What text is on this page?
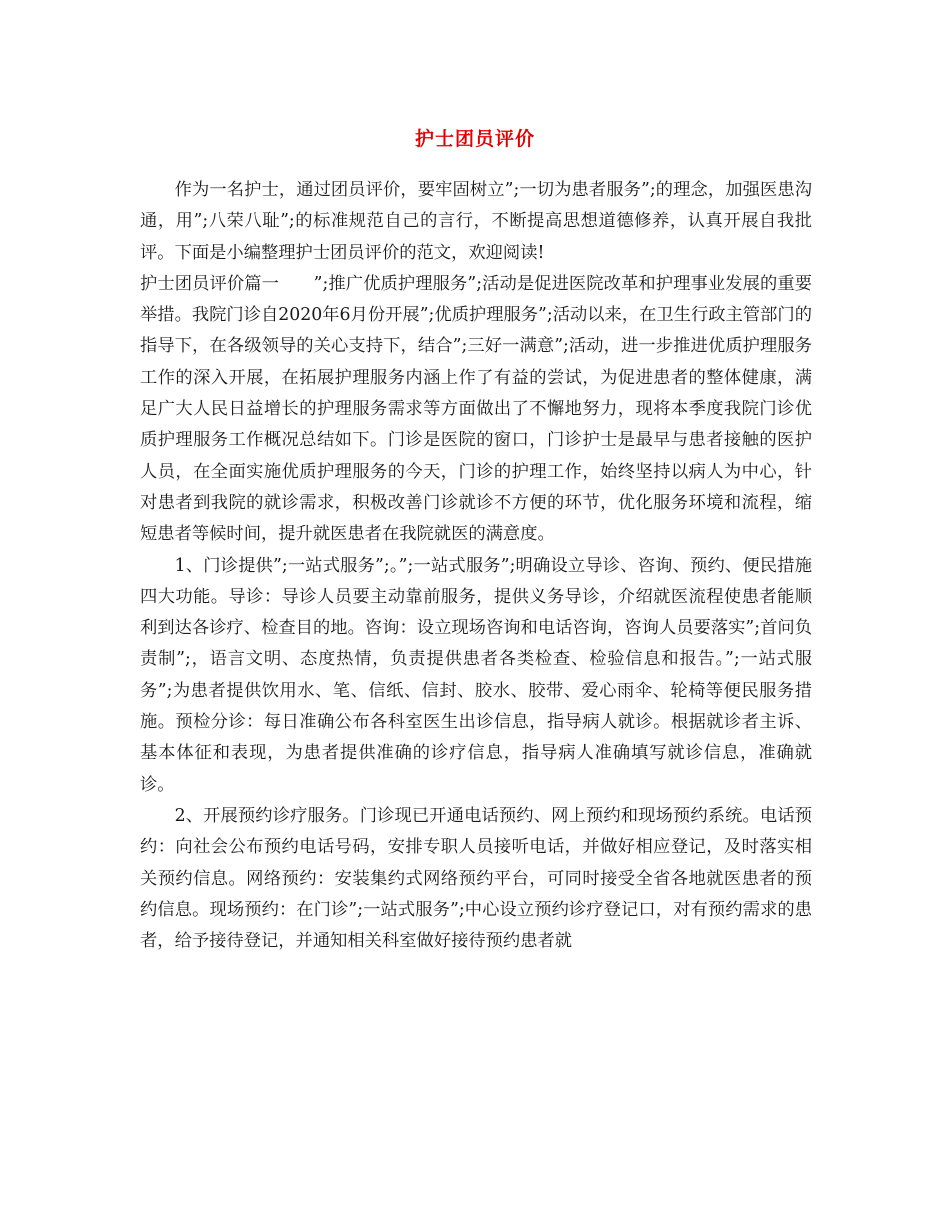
护士团员评价

作为一名护士，通过团员评价，要牢固树立”;一切为患者服务”;的理念，加强医患沟通，用”;八荣八耻”;的标准规范自己的言行，不断提高思想道德修养，认真开展自我批评。下面是小编整理护士团员评价的范文，欢迎阅读!

护士团员评价篇一　　”;推广优质护理服务”;活动是促进医院改革和护理事业发展的重要举措。我院门诊自2020年6月份开展”;优质护理服务”;活动以来，在卫生行政主管部门的指导下，在各级领导的关心支持下，结合”;三好一满意”;活动，进一步推进优质护理服务工作的深入开展，在拓展护理服务内涵上作了有益的尝试，为促进患者的整体健康，满足广大人民日益增长的护理服务需求等方面做出了不懈地努力，现将本季度我院门诊优质护理服务工作概况总结如下。门诊是医院的窗口，门诊护士是最早与患者接触的医护人员，在全面实施优质护理服务的今天，门诊的护理工作，始终坚持以病人为中心，针对患者到我院的就诊需求，积极改善门诊就诊不方便的环节，优化服务环境和流程，缩短患者等候时间，提升就医患者在我院就医的满意度。

1、门诊提供”;一站式服务”;。”;一站式服务”;明确设立导诊、咨询、预约、便民措施四大功能。导诊：导诊人员要主动靠前服务，提供义务导诊，介绍就医流程使患者能顺利到达各诊疗、检查目的地。咨询：设立现场咨询和电话咨询，咨询人员要落实”;首问负责制”;，语言文明、态度热情，负责提供患者各类检查、检验信息和报告。”;一站式服务”;为患者提供饮用水、笔、信纸、信封、胶水、胶带、爱心雨伞、轮椅等便民服务措施。预检分诊：每日准确公布各科室医生出诊信息，指导病人就诊。根据就诊者主诉、基本体征和表现，为患者提供准确的诊疗信息，指导病人准确填写就诊信息，准确就诊。

2、开展预约诊疗服务。门诊现已开通电话预约、网上预约和现场预约系统。电话预约：向社会公布预约电话号码，安排专职人员接听电话，并做好相应登记，及时落实相关预约信息。网络预约：安装集约式网络预约平台，可同时接受全省各地就医患者的预约信息。现场预约：在门诊”;一站式服务”;中心设立预约诊疗登记口，对有预约需求的患者，给予接待登记，并通知相关科室做好接待预约患者就
